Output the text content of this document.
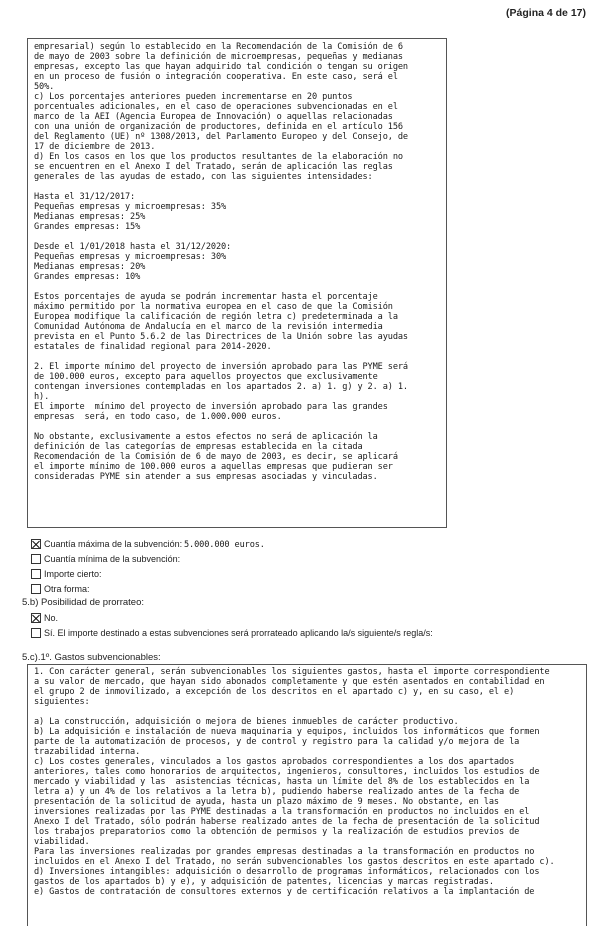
(Página 4 de 17)
empresarial) según lo establecido en la Recomendación de la Comisión de 6
de mayo de 2003 sobre la definición de microempresas, pequeñas y medianas
empresas, excepto las que hayan adquirido tal condición o tengan su origen
en un proceso de fusión o integración cooperativa. En este caso, será el
50%.
c) Los porcentajes anteriores pueden incrementarse en 20 puntos
porcentuales adicionales, en el caso de operaciones subvencionadas en el
marco de la AEI (Agencia Europea de Innovación) o aquellas relacionadas
con una unión de organización de productores, definida en el artículo 156
del Reglamento (UE) nº 1308/2013, del Parlamento Europeo y del Consejo, de
17 de diciembre de 2013.
d) En los casos en los que los productos resultantes de la elaboración no
se encuentren en el Anexo I del Tratado, serán de aplicación las reglas
generales de las ayudas de estado, con las siguientes intensidades:

Hasta el 31/12/2017:
Pequeñas empresas y microempresas: 35%
Medianas empresas: 25%
Grandes empresas: 15%

Desde el 1/01/2018 hasta el 31/12/2020:
Pequeñas empresas y microempresas: 30%
Medianas empresas: 20%
Grandes empresas: 10%

Estos porcentajes de ayuda se podrán incrementar hasta el porcentaje
máximo permitido por la normativa europea en el caso de que la Comisión
Europea modifique la calificación de región letra c) predeterminada a la
Comunidad Autónoma de Andalucía en el marco de la revisión intermedia
prevista en el Punto 5.6.2 de las Directrices de la Unión sobre las ayudas
estatales de finalidad regional para 2014-2020.

2. El importe mínimo del proyecto de inversión aprobado para las PYME será
de 100.000 euros, excepto para aquellos proyectos que exclusivamente
contengan inversiones contempladas en los apartados 2. a) 1. g) y 2. a) 1.
h).
El importe  mínimo del proyecto de inversión aprobado para las grandes
empresas  será, en todo caso, de 1.000.000 euros.

No obstante, exclusivamente a estos efectos no será de aplicación la
definición de las categorías de empresas establecida en la citada
Recomendación de la Comisión de 6 de mayo de 2003, es decir, se aplicará
el importe mínimo de 100.000 euros a aquellas empresas que pudieran ser
consideradas PYME sin atender a sus empresas asociadas y vinculadas.

Cuantía máxima de la subvención: 5.000.000 euros.
Cuantía mínima de la subvención:
Importe cierto:
Otra forma:
5.b) Posibilidad de prorrateo:
No.
Sí. El importe destinado a estas subvenciones será prorrateado aplicando la/s siguiente/s regla/s:
5.c).1º. Gastos subvencionables:
1. Con carácter general, serán subvencionables los siguientes gastos, hasta el importe correspondiente
a su valor de mercado, que hayan sido abonados completamente y que estén asentados en contabilidad en
el grupo 2 de inmovilizado, a excepción de los descritos en el apartado c) y, en su caso, el e)
siguientes:

a) La construcción, adquisición o mejora de bienes inmuebles de carácter productivo.
b) La adquisición e instalación de nueva maquinaria y equipos, incluidos los informáticos que formen
parte de la automatización de procesos, y de control y registro para la calidad y/o mejora de la
trazabilidad interna.
c) Los costes generales, vinculados a los gastos aprobados correspondientes a los dos apartados
anteriores, tales como honorarios de arquitectos, ingenieros, consultores, incluidos los estudios de
mercado y viabilidad y las  asistencias técnicas, hasta un límite del 8% de los establecidos en la
letra a) y un 4% de los relativos a la letra b), pudiendo haberse realizado antes de la fecha de
presentación de la solicitud de ayuda, hasta un plazo máximo de 9 meses. No obstante, en las
inversiones realizadas por las PYME destinadas a la transformación en productos no incluidos en el
Anexo I del Tratado, sólo podrán haberse realizado antes de la fecha de presentación de la solicitud
los trabajos preparatorios como la obtención de permisos y la realización de estudios previos de
viabilidad.
Para las inversiones realizadas por grandes empresas destinadas a la transformación en productos no
incluidos en el Anexo I del Tratado, no serán subvencionables los gastos descritos en este apartado c).
d) Inversiones intangibles: adquisición o desarrollo de programas informáticos, relacionados con los
gastos de los apartados b) y e), y adquisición de patentes, licencias y marcas registradas.
e) Gastos de contratación de consultores externos y de certificación relativos a la implantación de
